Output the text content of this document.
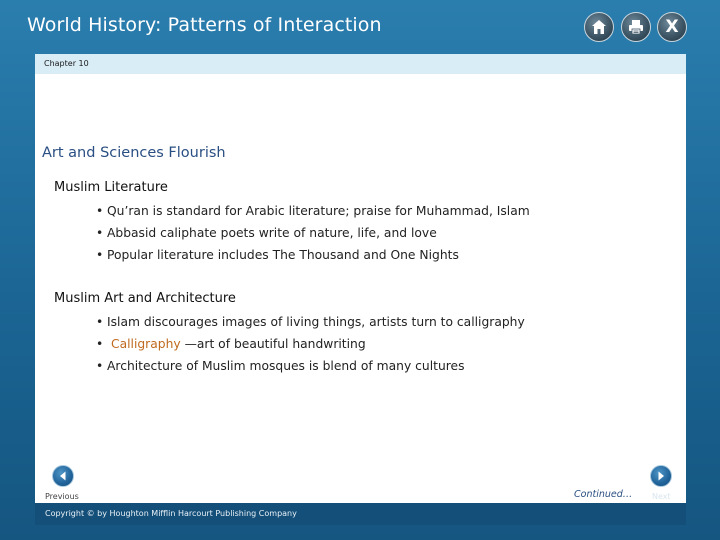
World History: Patterns of Interaction	X
Chapter 10
Art and Sciences Flourish
Muslim Literature
• Qu’ran is standard for Arabic literature; praise for Muhammad, Islam
• Abbasid caliphate poets write of nature, life, and love
• Popular literature includes The Thousand and One Nights
Muslim Art and Architecture
• Islam discourages images of living things, artists turn to calligraphy
• Calligraphy —art of beautiful handwriting
• Architecture of Muslim mosques is blend of many cultures
Previous	Continued… Next
Copyright © by Houghton Mifflin Harcourt Publishing Company
